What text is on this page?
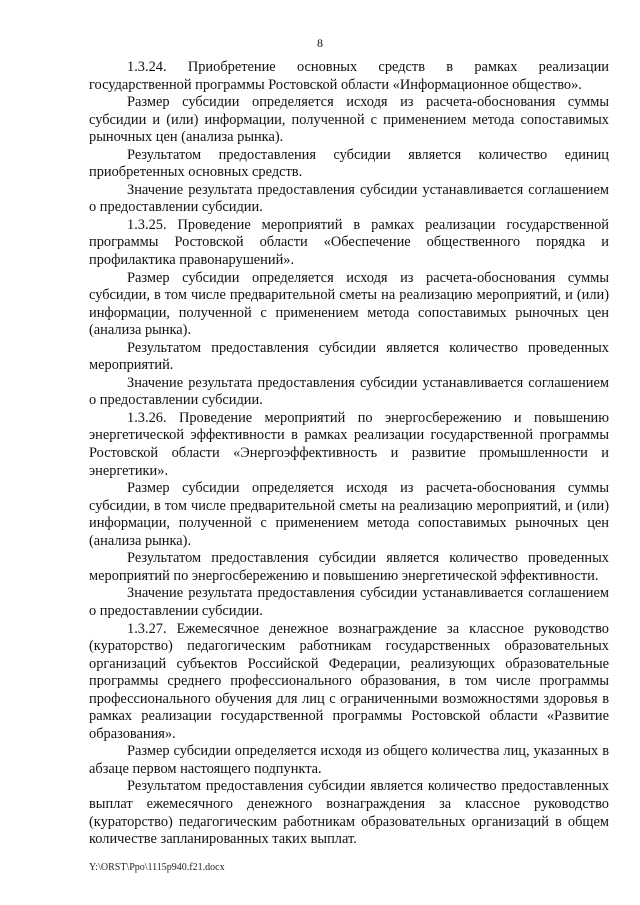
8

1.3.24. Приобретение основных средств в рамках реализации государственной программы Ростовской области «Информационное общество».

Размер субсидии определяется исходя из расчета-обоснования суммы субсидии и (или) информации, полученной с применением метода сопоставимых рыночных цен (анализа рынка).

Результатом предоставления субсидии является количество единиц приобретенных основных средств.

Значение результата предоставления субсидии устанавливается соглашением о предоставлении субсидии.

1.3.25. Проведение мероприятий в рамках реализации государственной программы Ростовской области «Обеспечение общественного порядка и профилактика правонарушений».

Размер субсидии определяется исходя из расчета-обоснования суммы субсидии, в том числе предварительной сметы на реализацию мероприятий, и (или) информации, полученной с применением метода сопоставимых рыночных цен (анализа рынка).

Результатом предоставления субсидии является количество проведенных мероприятий.

Значение результата предоставления субсидии устанавливается соглашением о предоставлении субсидии.

1.3.26. Проведение мероприятий по энергосбережению и повышению энергетической эффективности в рамках реализации государственной программы Ростовской области «Энергоэффективность и развитие промышленности и энергетики».

Размер субсидии определяется исходя из расчета-обоснования суммы субсидии, в том числе предварительной сметы на реализацию мероприятий, и (или) информации, полученной с применением метода сопоставимых рыночных цен (анализа рынка).

Результатом предоставления субсидии является количество проведенных мероприятий по энергосбережению и повышению энергетической эффективности.

Значение результата предоставления субсидии устанавливается соглашением о предоставлении субсидии.

1.3.27. Ежемесячное денежное вознаграждение за классное руководство (кураторство) педагогическим работникам государственных образовательных организаций субъектов Российской Федерации, реализующих образовательные программы среднего профессионального образования, в том числе программы профессионального обучения для лиц с ограниченными возможностями здоровья в рамках реализации государственной программы Ростовской области «Развитие образования».

Размер субсидии определяется исходя из общего количества лиц, указанных в абзаце первом настоящего подпункта.

Результатом предоставления субсидии является количество предоставленных выплат ежемесячного денежного вознаграждения за классное руководство (кураторство) педагогическим работникам образовательных организаций в общем количестве запланированных таких выплат.

Y:\ORST\Ppo\1115p940.f21.docx
